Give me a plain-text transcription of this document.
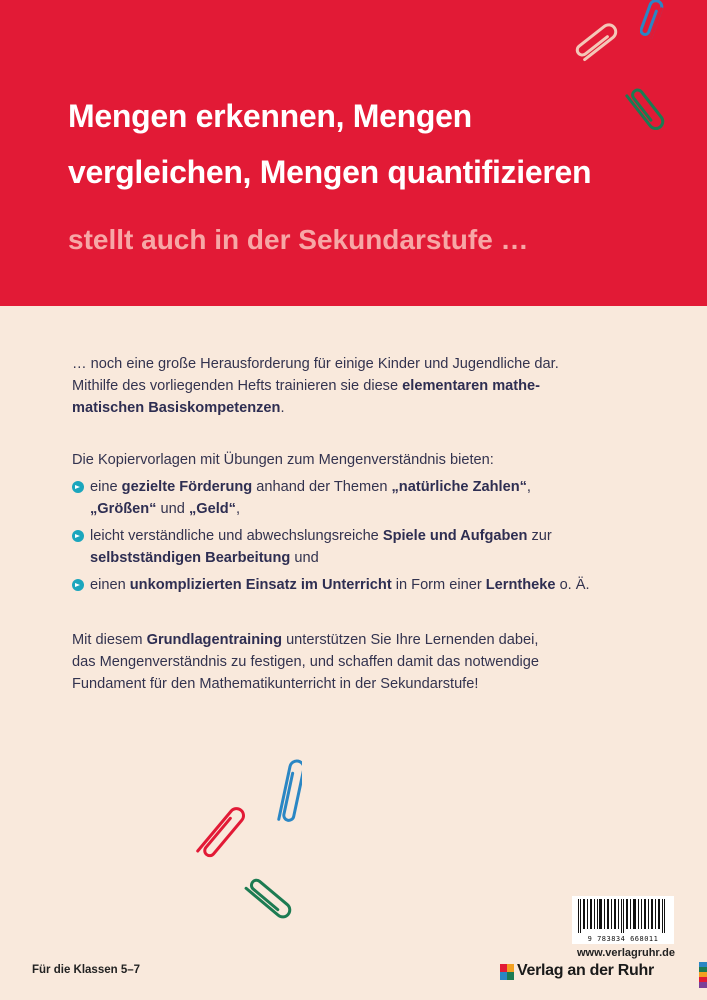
Mengen erkennen, Mengen
vergleichen, Mengen quantifizieren
stellt auch in der Sekundarstufe …
… noch eine große Herausforderung für einige Kinder und Jugendliche dar.
Mithilfe des vorliegenden Hefts trainieren sie diese elementaren mathe-
matischen Basiskompetenzen.
Die Kopiervorlagen mit Übungen zum Mengenverständnis bieten:
eine gezielte Förderung anhand der Themen „natürliche Zahlen“,
„Größen“ und „Geld“,
leicht verständliche und abwechslungsreiche Spiele und Aufgaben zur
selbstständigen Bearbeitung und
einen unkomplizierten Einsatz im Unterricht in Form einer Lerntheke o. Ä.
Mit diesem Grundlagentraining unterstützen Sie Ihre Lernenden dabei,
das Mengenverständnis zu festigen, und schaffen damit das notwendige
Fundament für den Mathematikunterricht in der Sekundarstufe!
Für die Klassen 5–7
9 783834 668011
www.verlagruhr.de
Verlag an der Ruhr
